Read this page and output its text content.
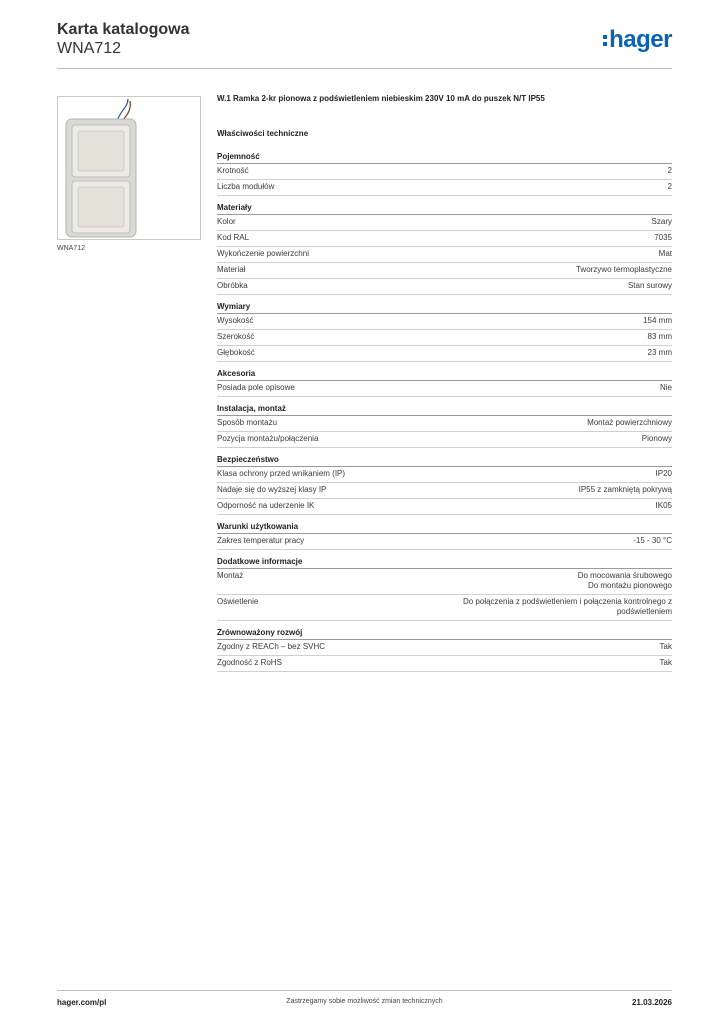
Karta katalogowa
WNA712	hager
WNA712
W.1 Ramka 2-kr pionowa z podświetleniem niebieskim 230V 10 mA do puszek N/T IP55
Właściwości techniczne
Pojemność
Krotność	2
Liczba modułów	2
Materiały
Kolor	Szary
Kod RAL	7035
Wykończenie powierzchni	Mat
Materiał	Tworzywo termoplastyczne
Obróbka	Stan surowy
Wymiary
Wysokość	154 mm
Szerokość	83 mm
Głębokość	23 mm
Akcesoria
Posiada pole opisowe	Nie
Instalacja, montaż
Sposób montażu	Montaż powierzchniowy
Pozycja montażu/połączenia	Pionowy
Bezpieczeństwo
Klasa ochrony przed wnikaniem (IP)	IP20
Nadaje się do wyższej klasy IP	IP55 z zamkniętą pokrywą
Odporność na uderzenie IK	IK05
Warunki użytkowania
Zakres temperatur pracy	-15 - 30 °C
Dodatkowe informacje
Montaż	Do mocowania śrubowego
Do montażu pionowego
Oświetlenie	Do połączenia z podświetleniem i połączenia kontrolnego z
podświetleniem
Zrównoważony rozwój
Zgodny z REACh – bez SVHC	Tak
Zgodność z RoHS	Tak
hager.com/pl	Zastrzegamy sobie możliwość zmian technicznych	21.03.2026
